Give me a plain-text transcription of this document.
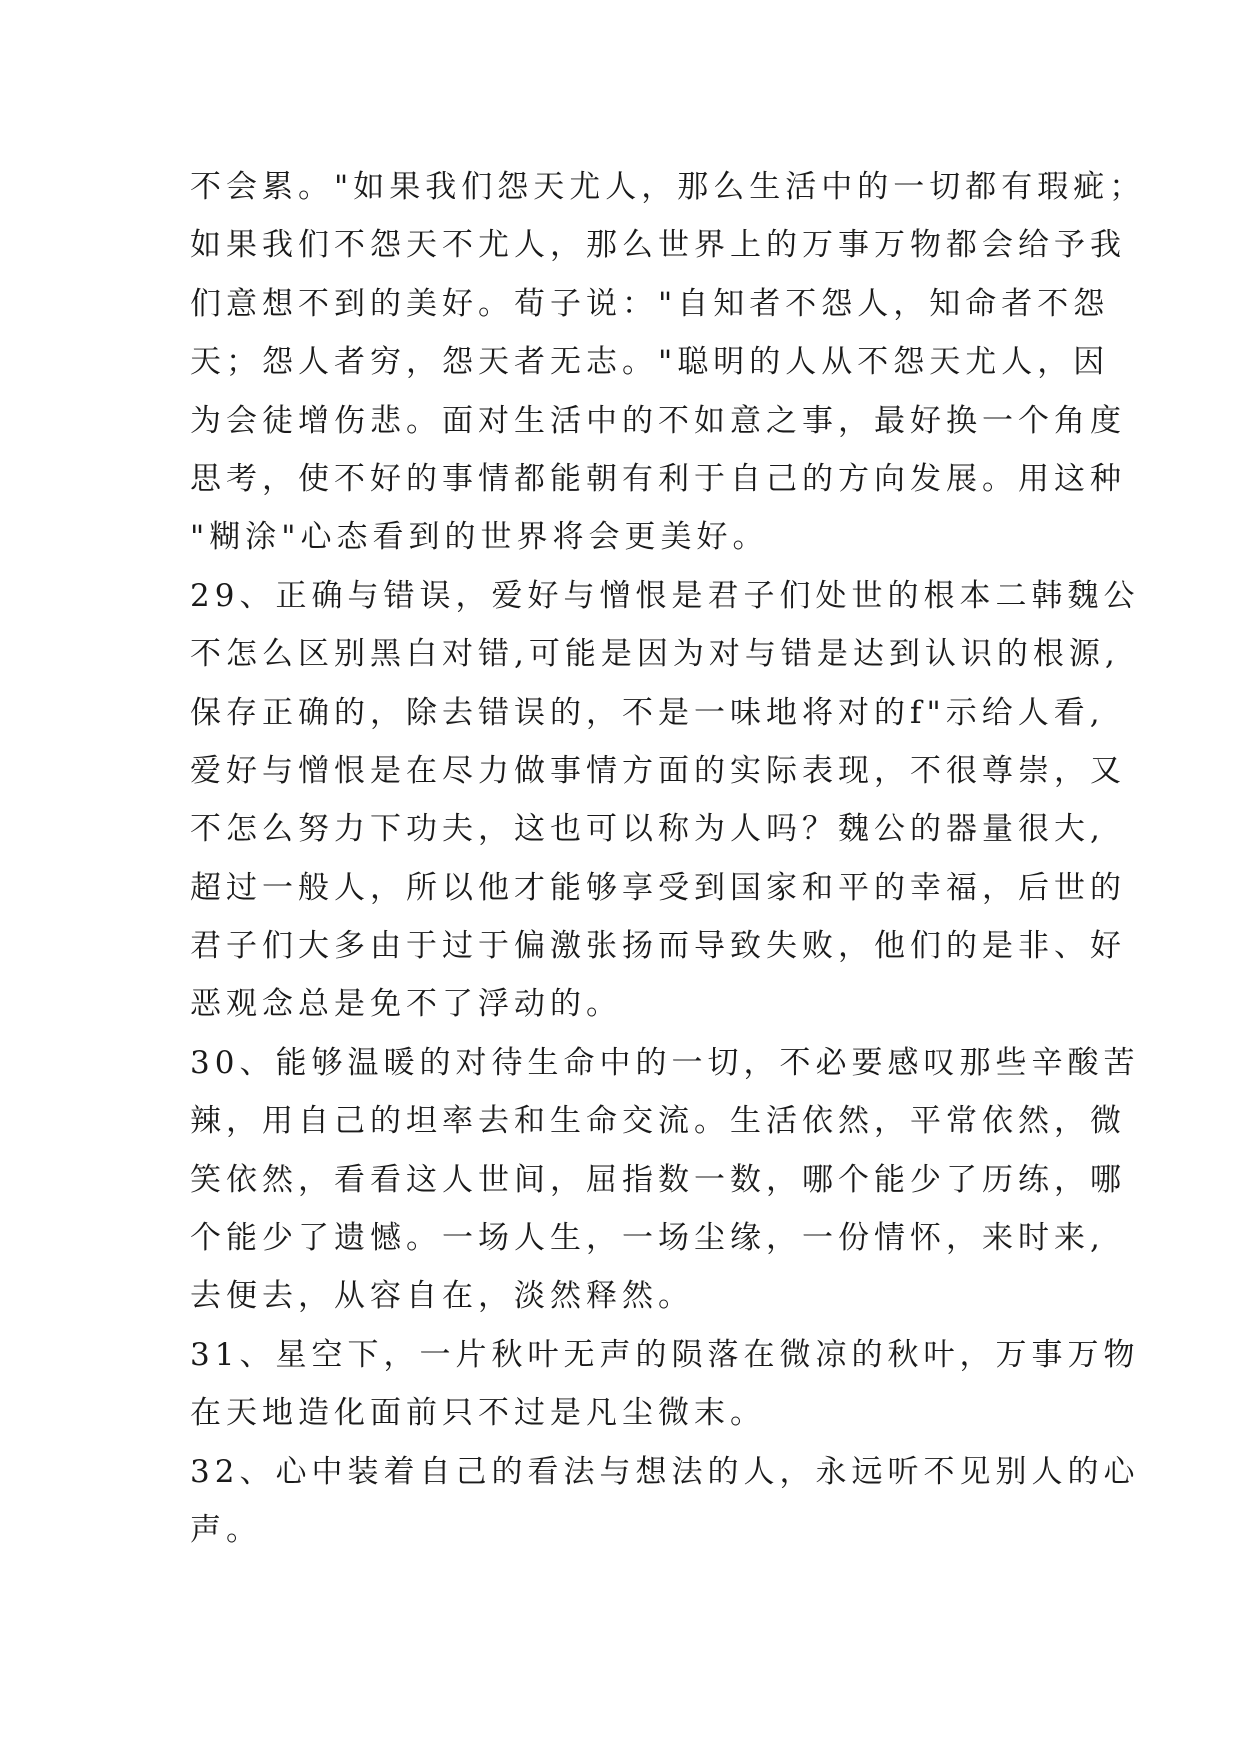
不会累。"如果我们怨天尤人，那么生活中的一切都有瑕疵；
如果我们不怨天不尤人，那么世界上的万事万物都会给予我
们意想不到的美好。荀子说："自知者不怨人，知命者不怨
天；怨人者穷，怨天者无志。"聪明的人从不怨天尤人，因
为会徒增伤悲。面对生活中的不如意之事，最好换一个角度
思考，使不好的事情都能朝有利于自己的方向发展。用这种
"糊涂"心态看到的世界将会更美好。
29、正确与错误，爱好与憎恨是君子们处世的根本二韩魏公
不怎么区别黑白对错,可能是因为对与错是达到认识的根源,
保存正确的，除去错误的，不是一味地将对的f"示给人看,
爱好与憎恨是在尽力做事情方面的实际表现，不很尊崇，又
不怎么努力下功夫，这也可以称为人吗？魏公的器量很大,
超过一般人，所以他才能够享受到国家和平的幸福，后世的
君子们大多由于过于偏激张扬而导致失败，他们的是非、好
恶观念总是免不了浮动的。
30、能够温暖的对待生命中的一切，不必要感叹那些辛酸苦
辣，用自己的坦率去和生命交流。生活依然，平常依然，微
笑依然，看看这人世间，屈指数一数，哪个能少了历练，哪
个能少了遗憾。一场人生，一场尘缘，一份情怀，来时来,
去便去，从容自在，淡然释然。
31、星空下，一片秋叶无声的陨落在微凉的秋叶，万事万物
在天地造化面前只不过是凡尘微末。
32、心中装着自己的看法与想法的人，永远听不见别人的心
声。
